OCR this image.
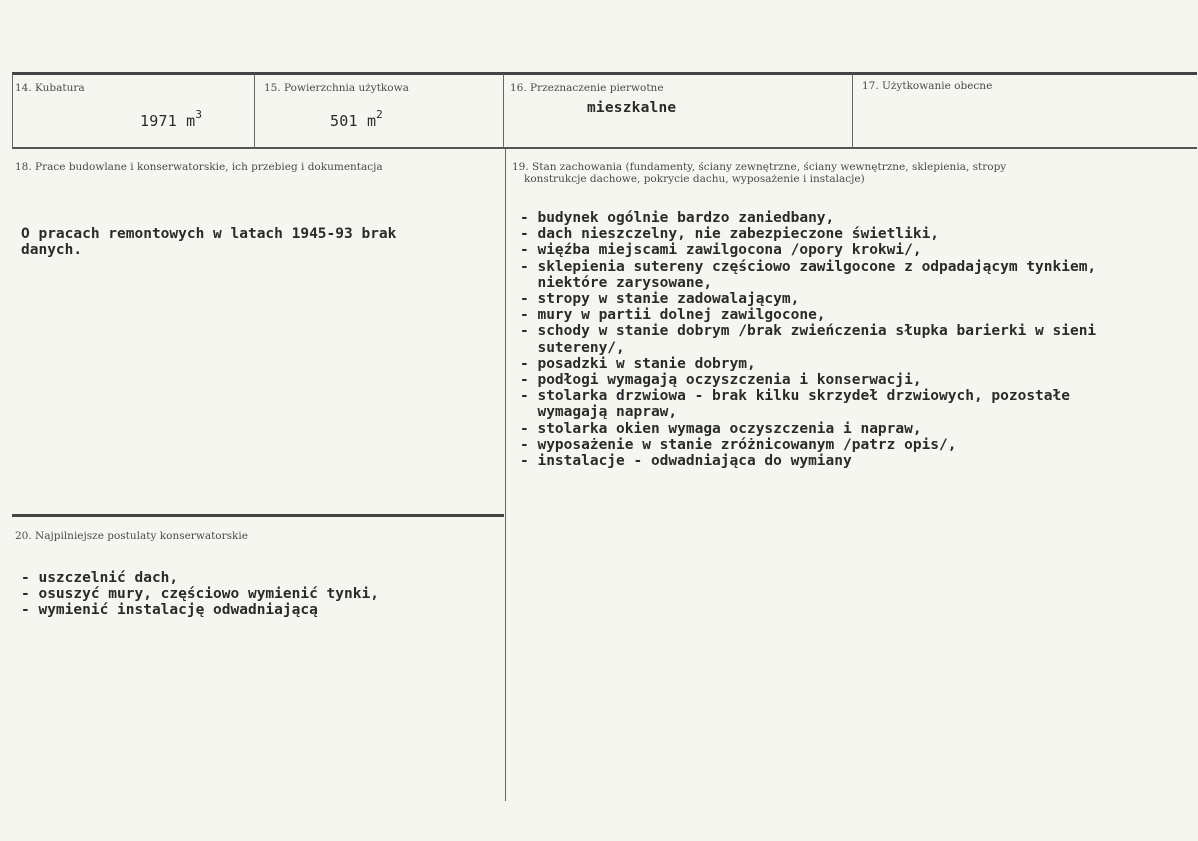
14. Kubatura
1971 $m^3$
15. Powierzchnia użytkowa
501 $m^2$
16. Przeznaczenie pierwotne
mieszkalne
17. Użytkowanie obecne
18. Prace budowlane i konserwatorskie, ich przebieg i dokumentacja
O pracach remontowych w latach 1945-93 brak
danych.
19. Stan zachowania (fundamenty, ściany zewnętrzne, ściany wewnętrzne, sklepienia, stropy
konstrukcje dachowe, pokrycie dachu, wyposażenie i instalacje)
- budynek ogólnie bardzo zaniedbany,
- dach nieszczelny, nie zabezpieczone świetliki,
- więźba miejscami zawilgocona /opory krokwi/,
- sklepienia sutereny częściowo zawilgocone z odpadającym tynkiem,
niektóre zarysowane,
- stropy w stanie zadowalającym,
- mury w partii dolnej zawilgocone,
- schody w stanie dobrym /brak zwieńczenia słupka barierki w sieni
sutereny/,
- posadzki w stanie dobrym,
- podłogi wymagają oczyszczenia i konserwacji,
- stolarka drzwiowa - brak kilku skrzydeł drzwiowych, pozostałe
wymagają napraw,
- stolarka okien wymaga oczyszczenia i napraw,
- wyposażenie w stanie zróżnicowanym /patrz opis/,
- instalacje - odwadniająca do wymiany
20. Najpilniejsze postulaty konserwatorskie
- uszczelnić dach,
- osuszyć mury, częściowo wymienić tynki,
- wymienić instalację odwadniającą
